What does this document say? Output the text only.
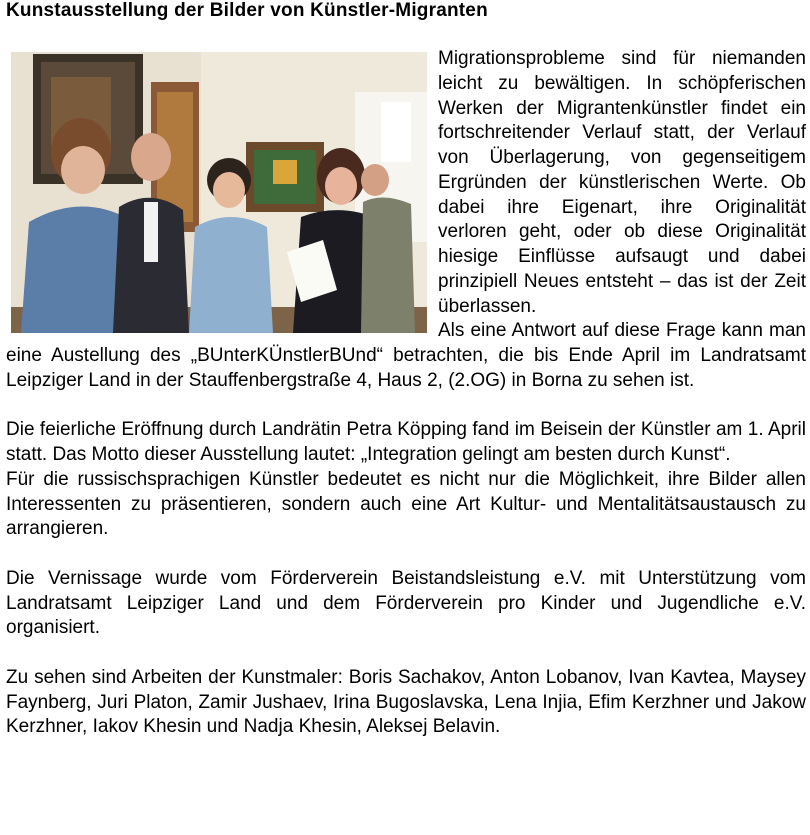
Kunstausstellung der Bilder von Künstler-Migranten

Migrationsprobleme sind für niemanden leicht zu bewältigen. In schöpferischen Werken der Migrantenkünstler findet ein fortschreitender Verlauf statt, der Verlauf von Überlagerung, von gegenseitigem Ergründen der künstlerischen Werte. Ob dabei ihre Eigenart, ihre Originalität verloren geht, oder ob diese Originalität hiesige Einflüsse aufsaugt und dabei prinzipiell Neues entsteht – das ist der Zeit überlassen.

Als eine Antwort auf diese Frage kann man eine Austellung des „BUnterKÜnstlerBUnd“ betrachten, die bis Ende April im Landratsamt Leipziger Land in der Stauffenbergstraße 4, Haus 2, (2.OG) in Borna zu sehen ist.

Die feierliche Eröffnung durch Landrätin Petra Köpping fand im Beisein der Künstler am 1. April statt. Das Motto dieser Ausstellung lautet: „Integration gelingt am besten durch Kunst“.

Für die russischsprachigen Künstler bedeutet es nicht nur die Möglichkeit, ihre Bilder allen Interessenten zu präsentieren, sondern auch eine Art Kultur- und Mentalitätsaustausch zu arrangieren.

Die Vernissage wurde vom Förderverein Beistandsleistung e.V. mit Unterstützung vom Landratsamt Leipziger Land und dem Förderverein pro Kinder und Jugendliche e.V. organisiert.

Zu sehen sind Arbeiten der Kunstmaler: Boris Sachakov, Anton Lobanov, Ivan Kavtea, Maysey Faynberg, Juri Platon, Zamir Jushaev, Irina Bugoslavska, Lena Injia, Efim Kerzhner und Jakow Kerzhner, Iakov Khesin und Nadja Khesin, Aleksej Belavin.
